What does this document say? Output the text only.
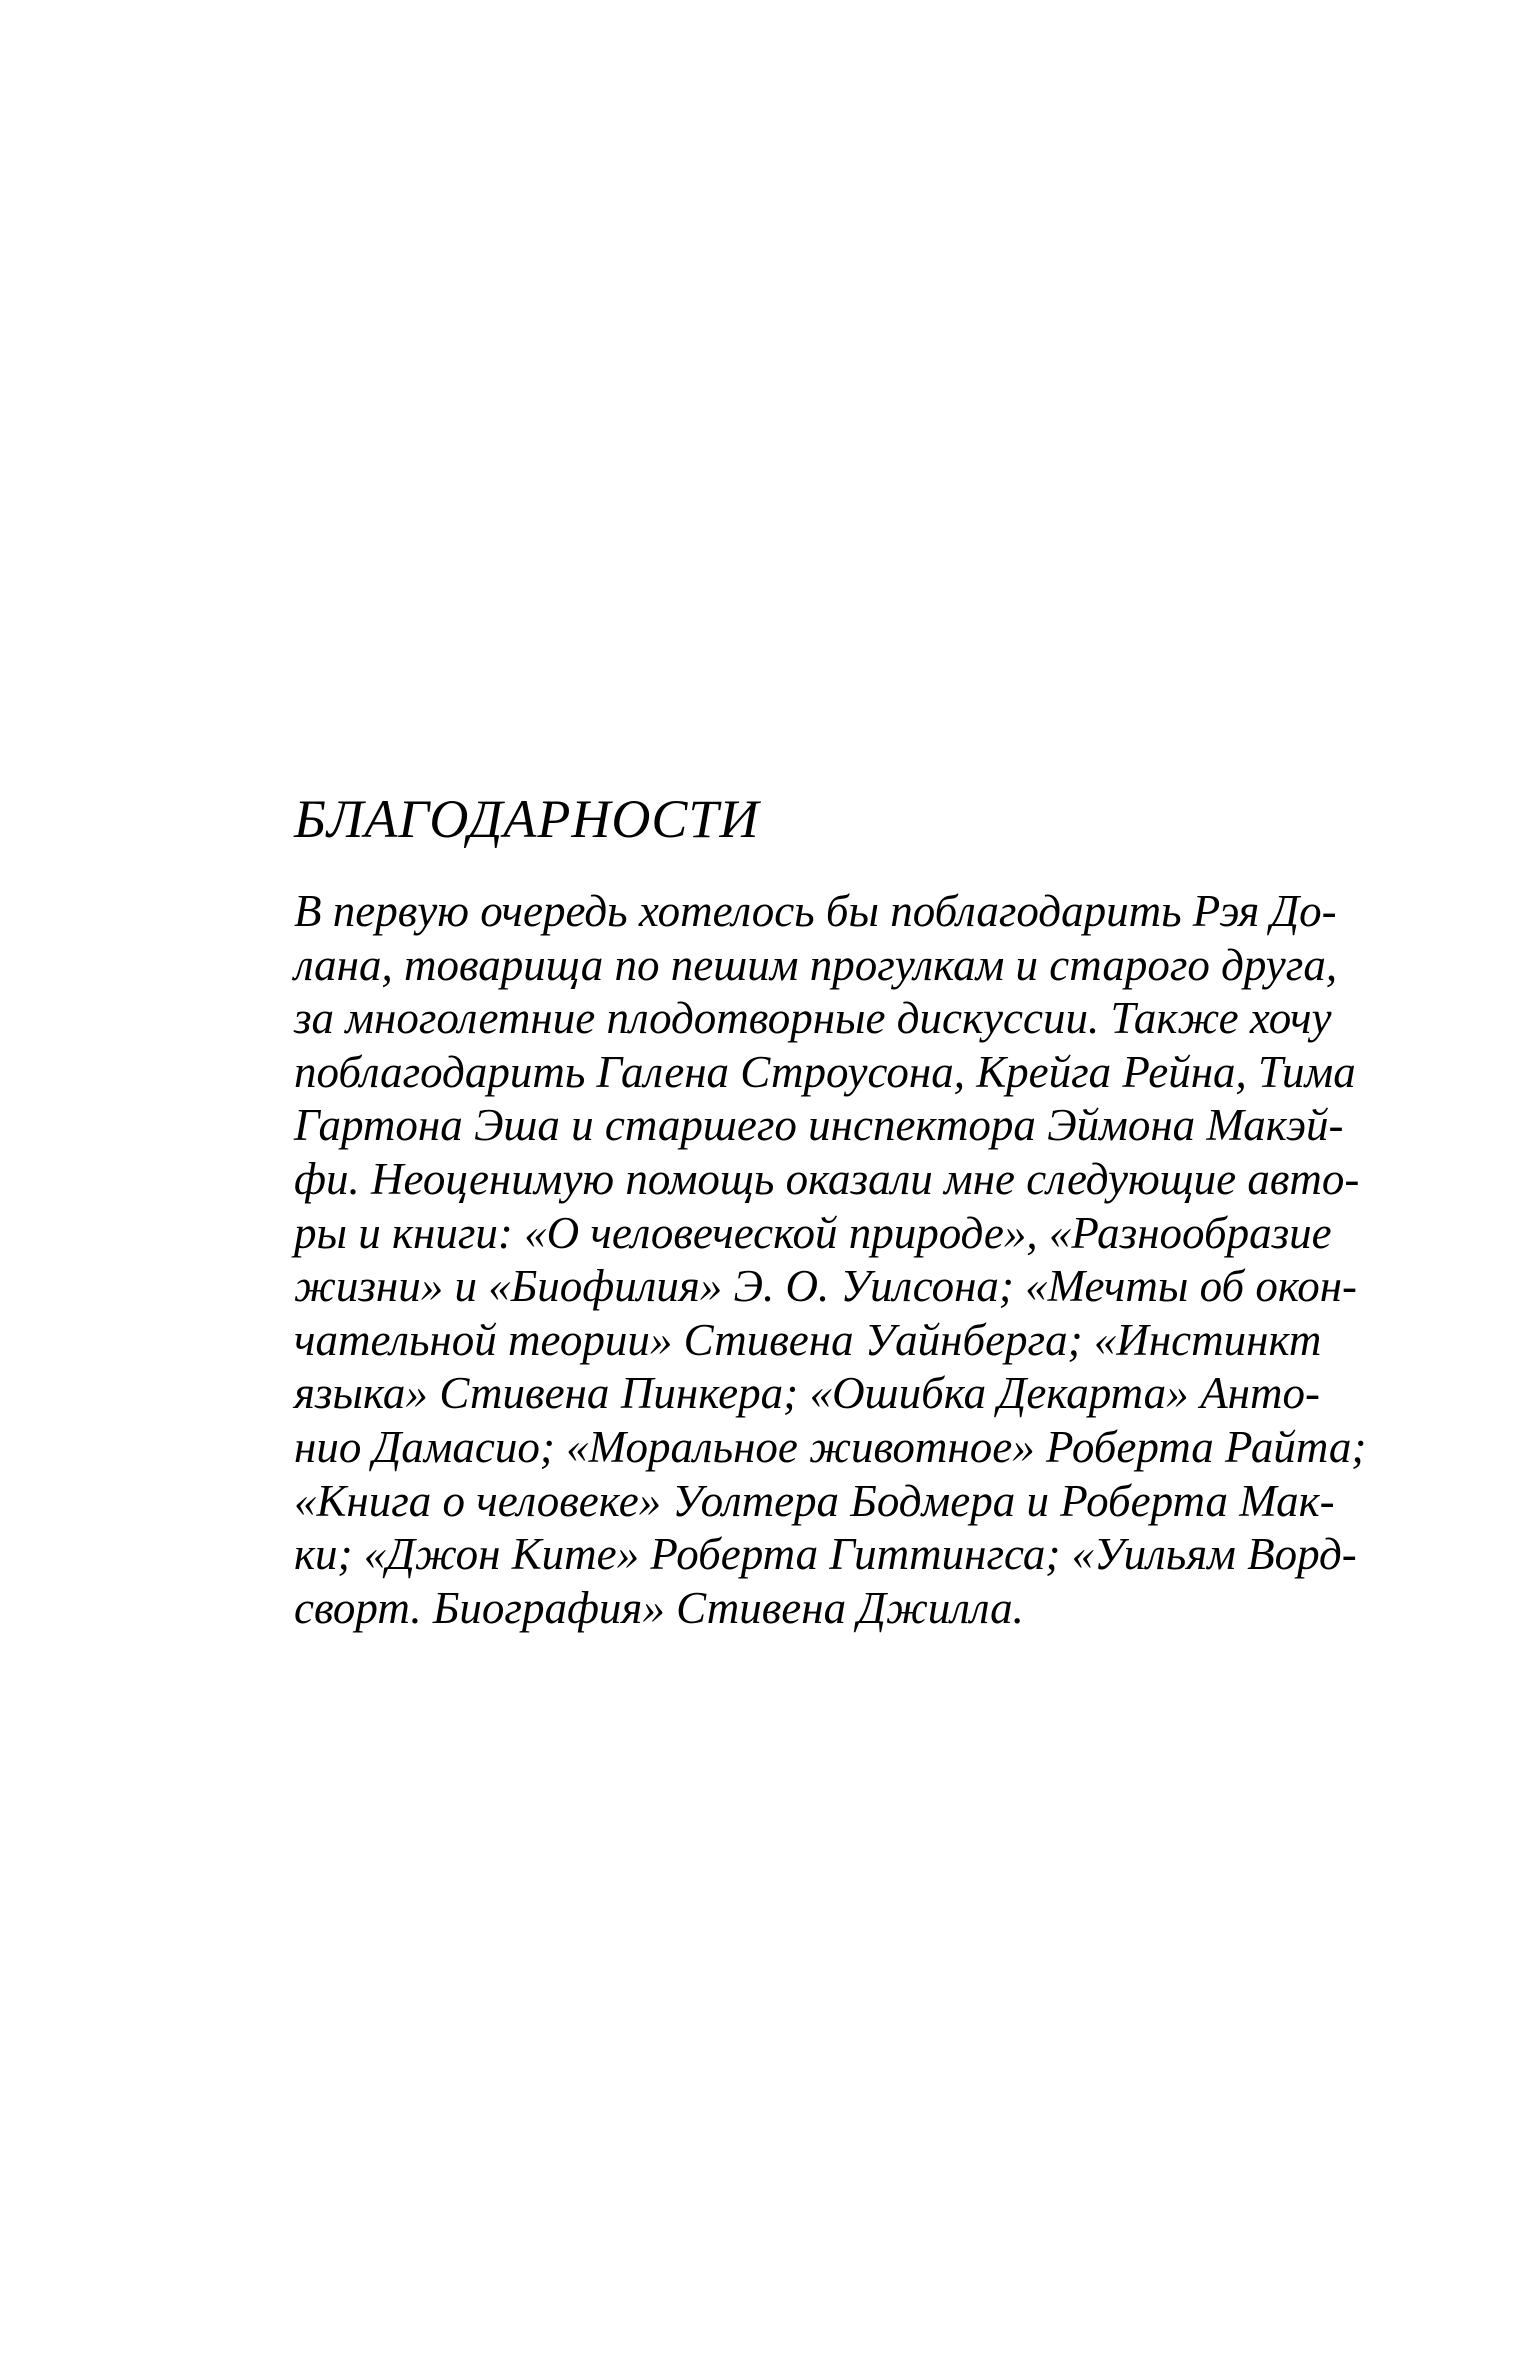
БЛАГОДАРНОСТИ
В первую очередь хотелось бы поблагодарить Рэя До-
лана, товарища по пешим прогулкам и старого друга,
за многолетние плодотворные дискуссии. Также хочу
поблагодарить Галена Строусона, Крейга Рейна, Тима
Гартона Эша и старшего инспектора Эймона Макэй-
фи. Неоценимую помощь оказали мне следующие авто-
ры и книги: «О человеческой природе», «Разнообразие
жизни» и «Биофилия» Э. О. Уилсона; «Мечты об окон-
чательной теории» Стивена Уайнберга; «Инстинкт
языка» Стивена Пинкера; «Ошибка Декарта» Анто-
нио Дамасио; «Моральное животное» Роберта Райта;
«Книга о человеке» Уолтера Бодмера и Роберта Мак-
ки; «Джон Ките» Роберта Гиттингса; «Уильям Ворд-
сворт. Биография» Стивена Джилла.
